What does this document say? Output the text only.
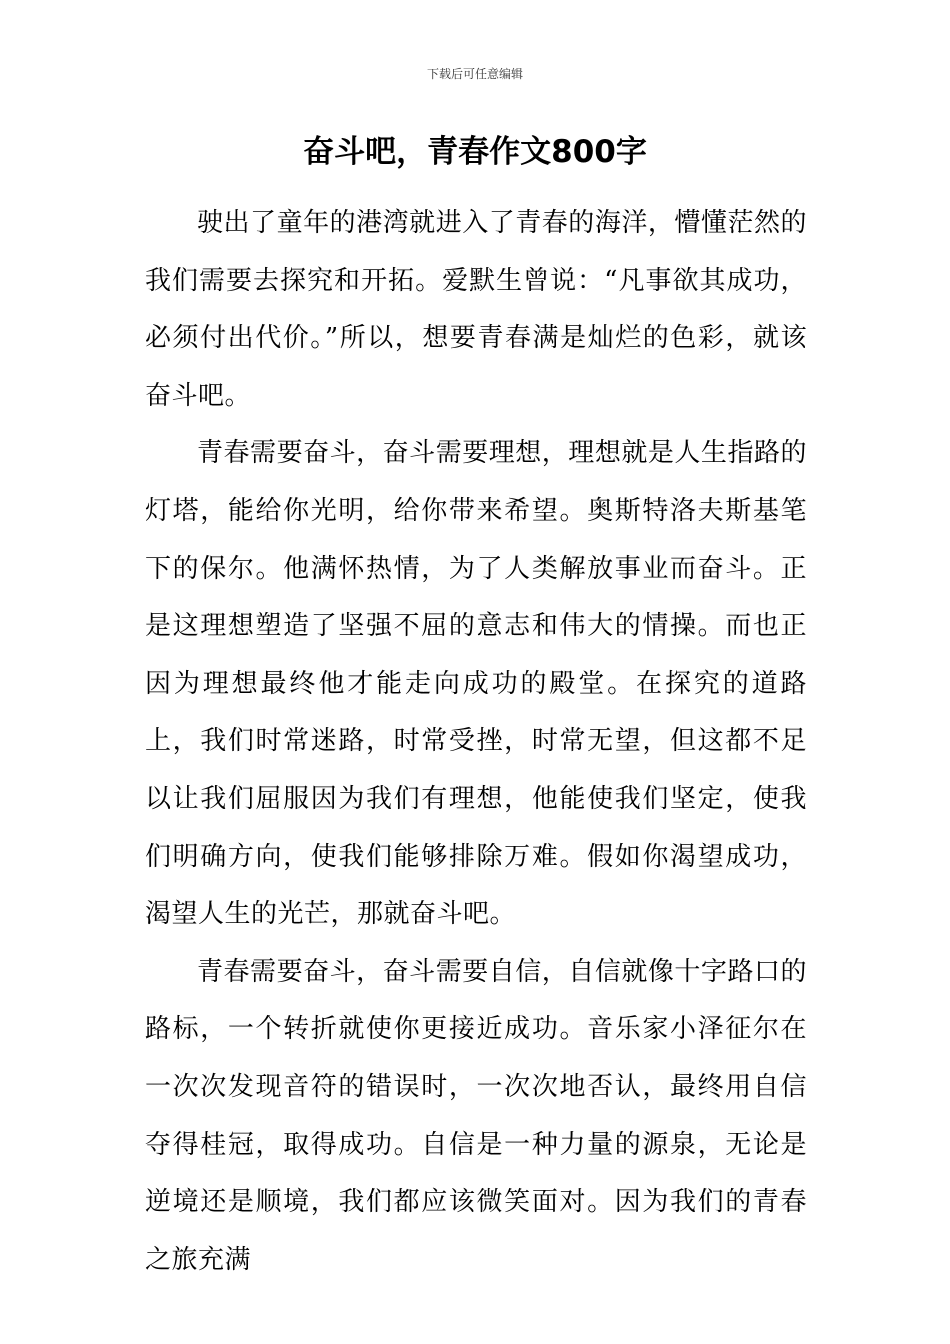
下载后可任意编辑
奋斗吧，青春作文800字

驶出了童年的港湾就进入了青春的海洋，懵懂茫然的我们需要去探究和开拓。爱默生曾说：“凡事欲其成功，必须付出代价。”所以，想要青春满是灿烂的色彩，就该奋斗吧。

青春需要奋斗，奋斗需要理想，理想就是人生指路的灯塔，能给你光明，给你带来希望。奥斯特洛夫斯基笔下的保尔。他满怀热情，为了人类解放事业而奋斗。正是这理想塑造了坚强不屈的意志和伟大的情操。而也正因为理想最终他才能走向成功的殿堂。在探究的道路上，我们时常迷路，时常受挫，时常无望，但这都不足以让我们屈服因为我们有理想，他能使我们坚定，使我们明确方向，使我们能够排除万难。假如你渴望成功，渴望人生的光芒，那就奋斗吧。

青春需要奋斗，奋斗需要自信，自信就像十字路口的路标，一个转折就使你更接近成功。音乐家小泽征尔在一次次发现音符的错误时，一次次地否认，最终用自信夺得桂冠，取得成功。自信是一种力量的源泉，无论是逆境还是顺境，我们都应该微笑面对。因为我们的青春之旅充满
